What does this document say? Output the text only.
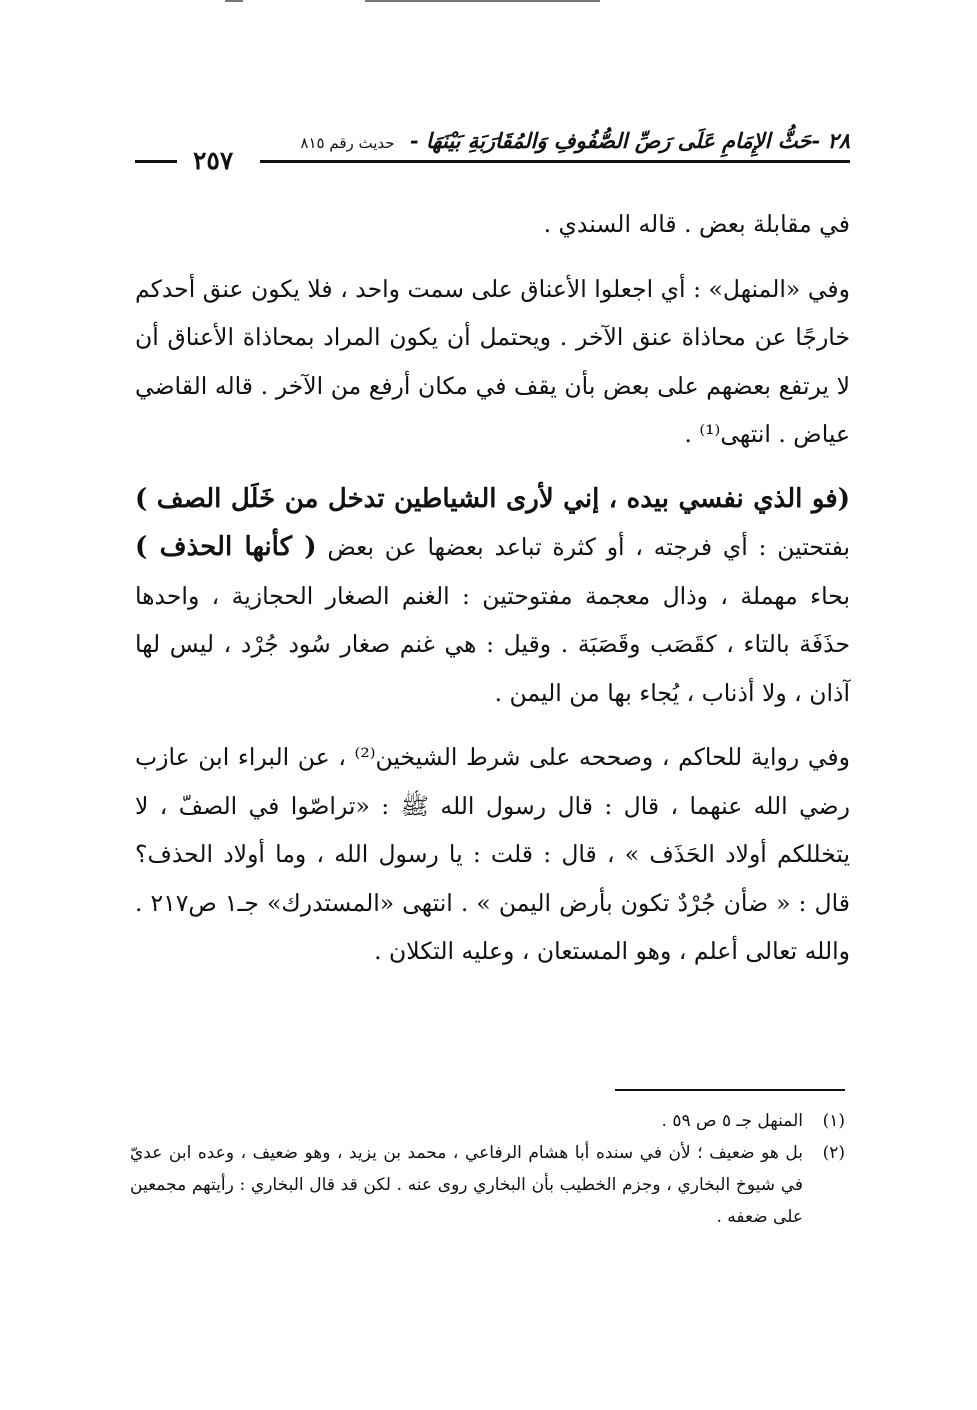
٢٨ -حَثُّ الإِمَامِ عَلَى رَصِّ الصُّفُوفِ وَالمُقَارَبَةِ بَيْنَهَا - حديث رقم ٨١٥
٢٥٧

في مقابلة بعض . قاله السندي .

وفي «المنهل» : أي اجعلوا الأعناق على سمت واحد ، فلا يكون عنق أحدكم خارجًا عن محاذاة عنق الآخر . ويحتمل أن يكون المراد بمحاذاة الأعناق أن لا يرتفع بعضهم على بعض بأن يقف في مكان أرفع من الآخر . قاله القاضي عياض . انتهى⁽¹⁾ .

(فو الذي نفسي بيده ، إني لأرى الشياطين تدخل من خَلَل الصف ) بفتحتين : أي فرجته ، أو كثرة تباعد بعضها عن بعض ( كأنها الحذف ) بحاء مهملة ، وذال معجمة مفتوحتين : الغنم الصغار الحجازية ، واحدها حذَفَة بالتاء ، كقَصَب وقَصَبَة . وقيل : هي غنم صغار سُود جُرْد ، ليس لها آذان ، ولا أذناب ، يُجاء بها من اليمن .

وفي رواية للحاكم ، وصححه على شرط الشيخين⁽²⁾ ، عن البراء ابن عازب رضي الله عنهما ، قال : قال رسول الله ﷺ : «تراصّوا في الصفّ ، لا يتخللكم أولاد الحَذَف » ، قال : قلت : يا رسول الله ، وما أولاد الحذف؟ قال : « ضأن جُرْدٌ تكون بأرض اليمن » . انتهى «المستدرك» جـ١ ص٢١٧ . والله تعالى أعلم ، وهو المستعان ، وعليه التكلان .

(١)
المنهل جـ ٥ ص ٥٩ .
(٢)
بل هو ضعيف ؛ لأن في سنده أبا هشام الرفاعي ، محمد بن يزيد ، وهو ضعيف ، وعده ابن عديّ في شيوخ البخاري ، وجزم الخطيب بأن البخاري روى عنه . لكن قد قال البخاري : رأيتهم مجمعين على ضعفه .
